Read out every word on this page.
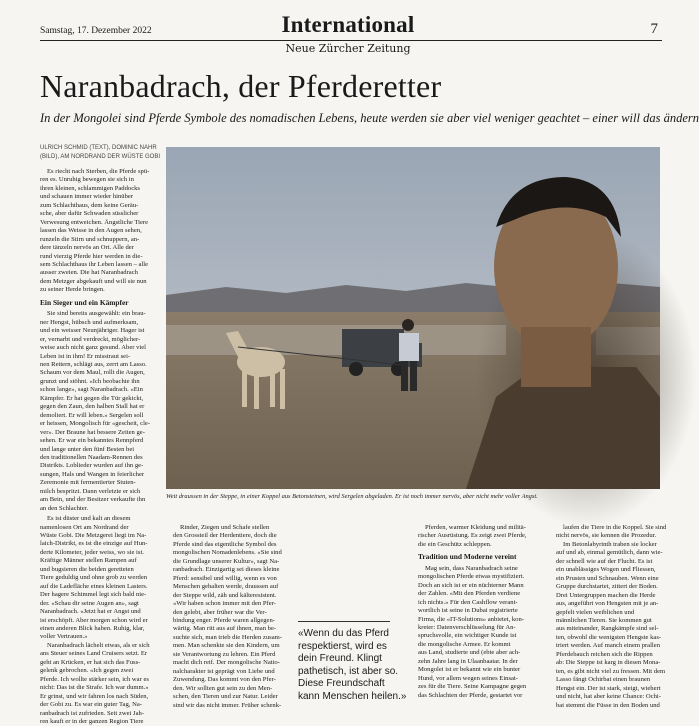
Samstag, 17. Dezember 2022	International
Neue Zürcher Zeitung
7
Naranbadrach, der Pferderetter
In der Mongolei sind Pferde Symbole des nomadischen Lebens, heute werden sie aber viel weniger geachtet – einer will das ändern
ULRICH SCHMID (TEXT), DOMINIC NAHR
(BILD), AM NORDRAND DER WÜSTE GOBI
Es riecht nach Sterben, die Pferde spü-
ren es. Unruhig bewegen sie sich in
ihren kleinen, schlammigen Paddocks
und schauen immer wieder hinüber
zum Schlachthaus, dem keine Geräu-
sche, aber dafür Schwaden süsslicher
Verwesung entweichen. Ängstliche Tiere
lassen das Weisse in den Augen sehen,
runzeln die Stirn und schnuppern, an-
dere tänzeln nervös an Ort. Alle der
rund vierzig Pferde hier werden in die-
sem Schlachthaus ihr Leben lassen – alle
ausser zweien. Die hat Naranbadrach
dem Metzger abgekauft und will sie nun
zu seiner Herde bringen.
Ein Sieger und ein Kämpfer
Sie sind bereits ausgewählt: ein brau-
ner Hengst, hübsch und aufmerksam,
und ein weisser Neunjähriger. Hager ist
er, vernarbt und verdreckt, möglicher-
weise auch nicht ganz gesund. Aber viel
Leben ist in ihm! Er misstraut sei-
nen Rettern, schlägt aus, zerrt am Lasso.
Schaum vor dem Maul, rollt die Augen,
grunzt und stöhnt. «Ich beobachte ihn
schon lange», sagt Naranbadrach. «Ein
Kämpfer. Er hat gegen die Tür gekickt,
gegen den Zaun, den halben Stall hat er
demoliert. Er will leben.» Sergelen soll
er heissen, Mongolisch für «gescheit, cle-
ver». Der Braune hat bessere Zeiten ge-
sehen. Er war ein bekanntes Rennpferd
und lange unter den fünf Besten bei
den traditionellen Naadam-Rennen des
Distrikts. Loblieder wurden auf ihn ge-
sungen, Hals und Wangen in feierlicher
Zeremonie mit fermentierter Stuten-
milch bespritzt. Dann verletzte er sich
am Bein, und der Besitzer verkaufte ihn
an den Schlachter.
Es ist düster und kalt an diesem
namenlosen Ort am Nordrand der
Wüste Gobi. Die Metzgerei liegt im Na-
laich-Distrikt, es ist die einzige auf Hun-
derte Kilometer, jeder weiss, wo sie ist.
Kräftige Männer stellen Rampen auf
und bugsieren die beiden geretteten
Tiere geduldig und ohne grob zu werden
auf die Ladefläche eines kleinen Lasters.
Der hagere Schimmel legt sich bald nie-
der. «Schau dir seine Augen an», sagt
Naranbadrach. «Jetzt hat er Angst und
ist erschöpft. Aber morgen schon wird er
einen anderen Blick haben. Ruhig, klar,
voller Vertrauen.»
Naranbadrach lächelt etwas, als er sich
ans Steuer seines Land Cruisers setzt. Er
geht an Krücken, er hat sich das Fuss-
gelenk gebrochen. «Ich gegen zwei
Pferde. Ich wollte stärker sein, ich war es
nicht: Das ist die Strafe. Ich war dumm.»
Er grinst, und wir fahren los nach Süden,
der Gobi zu. Es war ein guter Tag, Na-
ranbadrach ist zufrieden. Seit zwei Jah-
ren kauft er in der ganzen Region Tiere
Weit draussen in der Steppe, in einer Koppel aus Betonsteinen, wird Sergelen abgeladen. Er ist noch immer nervös, aber nicht mehr voller Angst.
Rinder, Ziegen und Schafe stellen
den Grossteil der Herdentiere, doch die
Pferde sind das eigentliche Symbol des
mongolischen Nomadenlebens. «Sie sind
die Grundlage unserer Kultur», sagt Na-
ranbadrach. Einzigartig sei dieses kleine
Pferd: sensibel und willig, wenn es von
Menschen gehalten werde, draussen auf
der Steppe wild, zäh und kälteresistent.
«Wir haben schon immer mit den Pfer-
den gelebt, aber früher war die Ver-
bindung enger. Pferde waren allgegen-
wärtig. Man ritt aus auf ihnen, man be-
suchte sich, man trieb die Herden zusam-
men. Man schenkte sie den Kindern, um
sie Verantwortung zu lehren. Ein Pferd
macht dich reif. Der mongolische Natio-
nalcharakter ist geprägt von Liebe und
Zuwendung. Das kommt von den Pfer-
den. Wir sollten gut sein zu den Men-
schen, den Tieren und zur Natur. Leider
sind wir das nicht immer. Früher schenk-
«Wenn du das Pferd
respektierst, wird es
dein Freund. Klingt
pathetisch, ist aber so.
Diese Freundschaft
kann Menschen heilen.»
Pferden, warmer Kleidung und militä-
rischer Ausrüstung. Es zeigt zwei Pferde,
die ein Geschütz schleppen.
Tradition und Moderne vereint
Mag sein, dass Naranbadrach seine
mongolischen Pferde etwas mystifiziert.
Doch an sich ist er ein nüchterner Mann
der Zahlen. «Mit den Pferden verdiene
ich nichts.» Für den Cashflow verant-
wortlich ist seine in Dubai registrierte
Firma, die «IT-Solutions» anbietet, kon-
kreter: Datenverschlüsselung für An-
spruchsvolle, ein wichtiger Kunde ist
die mongolische Armee. Er kommt
aus Land, studierte und (ebte aber ach-
zehn Jahre lang in Ulaanbaatar. In der
Mongolei ist er bekannt wie ein bunter
Hund, vor allem wegen seines Einsat-
zes für die Tiere. Seine Kampagne gegen
das Schlachten der Pferde, gestartet vor
laufen die Tiere in die Koppel. Sie sind
nicht nervös, sie kennen die Prozedur.
Im Betonlabyrinth traben sie locker
auf und ab, einmal gemütlich, dann wie-
der schnell wie auf der Flucht. Es ist
ein unablässiges Wogen und Fliessen,
ein Prusten und Schnauben. Wenn eine
Gruppe durchstartet, zittert der Boden.
Drei Untergruppen machen die Herde
aus, angeführt von Hengsten mit je an-
gepfelt vielen weiblichen und
männlichen Tieren. Sie kommen gut
aus miteinander, Rangkämpfe sind sel-
ten, obwohl die wenigsten Hengste kas-
triert werden. Auf manch einem prallen
Pferdebauch reichen sich die Rippen
ab: Die Steppe ist karg in diesen Mona-
ten, es gibt nicht viel zu fressen. Mit dem
Lasso fängt Ochirbat einen braunen
Hengst ein. Der ist stark, steigt, wiehert
und nicht, hat aber keine Chance: Ochi-
bat stemmt die Füsse in den Boden und
